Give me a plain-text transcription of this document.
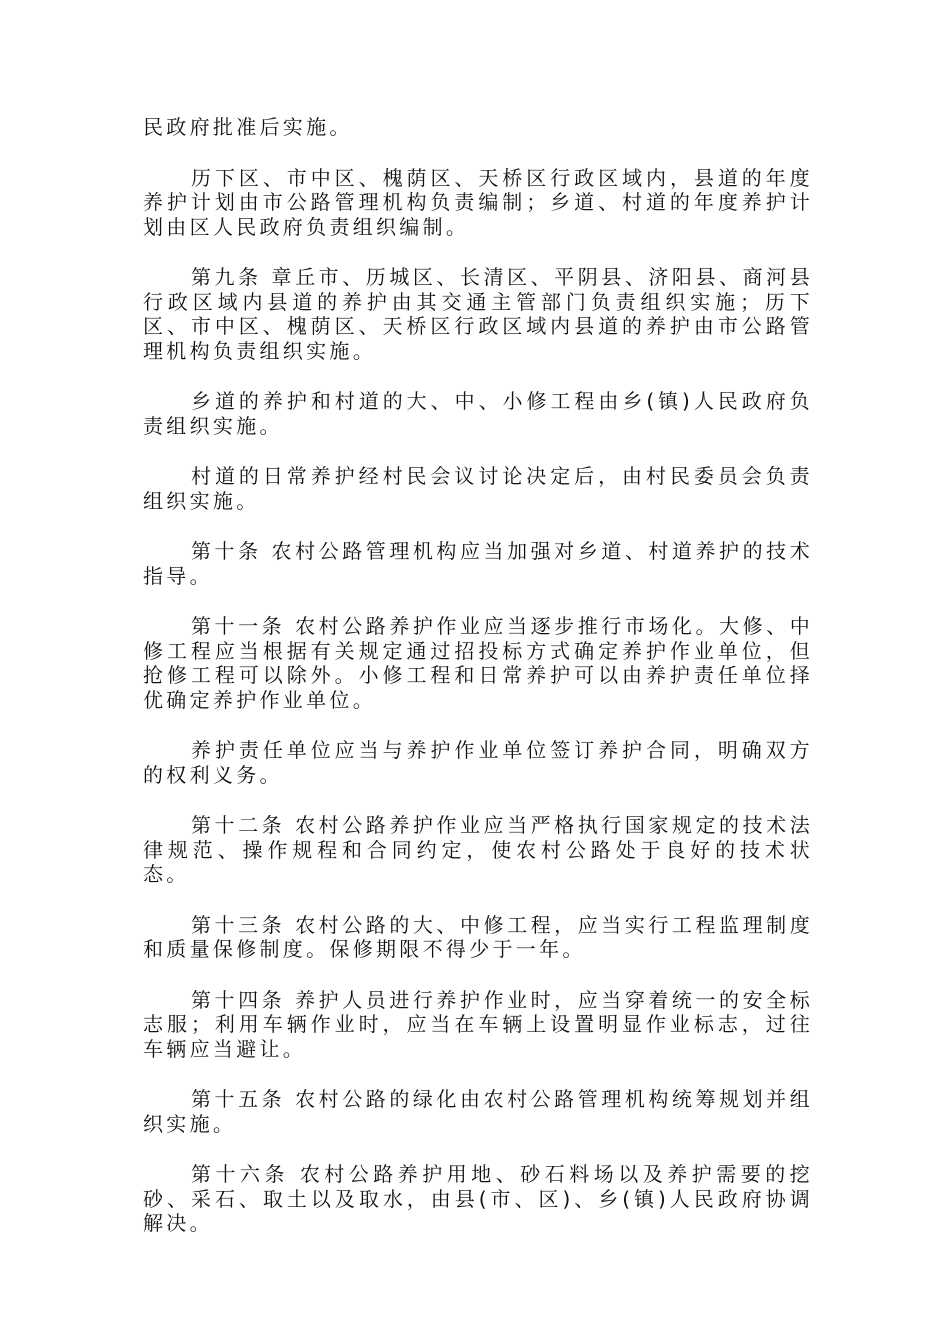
民政府批准后实施。

历下区、市中区、槐荫区、天桥区行政区域内，县道的年度养护计划由市公路管理机构负责编制；乡道、村道的年度养护计划由区人民政府负责组织编制。

第九条 章丘市、历城区、长清区、平阴县、济阳县、商河县行政区域内县道的养护由其交通主管部门负责组织实施；历下区、市中区、槐荫区、天桥区行政区域内县道的养护由市公路管理机构负责组织实施。

乡道的养护和村道的大、中、小修工程由乡(镇)人民政府负责组织实施。

村道的日常养护经村民会议讨论决定后，由村民委员会负责组织实施。

第十条 农村公路管理机构应当加强对乡道、村道养护的技术指导。

第十一条 农村公路养护作业应当逐步推行市场化。大修、中修工程应当根据有关规定通过招投标方式确定养护作业单位，但抢修工程可以除外。小修工程和日常养护可以由养护责任单位择优确定养护作业单位。

养护责任单位应当与养护作业单位签订养护合同，明确双方的权利义务。

第十二条 农村公路养护作业应当严格执行国家规定的技术法律规范、操作规程和合同约定，使农村公路处于良好的技术状态。

第十三条 农村公路的大、中修工程，应当实行工程监理制度和质量保修制度。保修期限不得少于一年。

第十四条 养护人员进行养护作业时，应当穿着统一的安全标志服；利用车辆作业时，应当在车辆上设置明显作业标志，过往车辆应当避让。

第十五条 农村公路的绿化由农村公路管理机构统筹规划并组织实施。

第十六条 农村公路养护用地、砂石料场以及养护需要的挖砂、采石、取土以及取水，由县(市、区)、乡(镇)人民政府协调解决。
